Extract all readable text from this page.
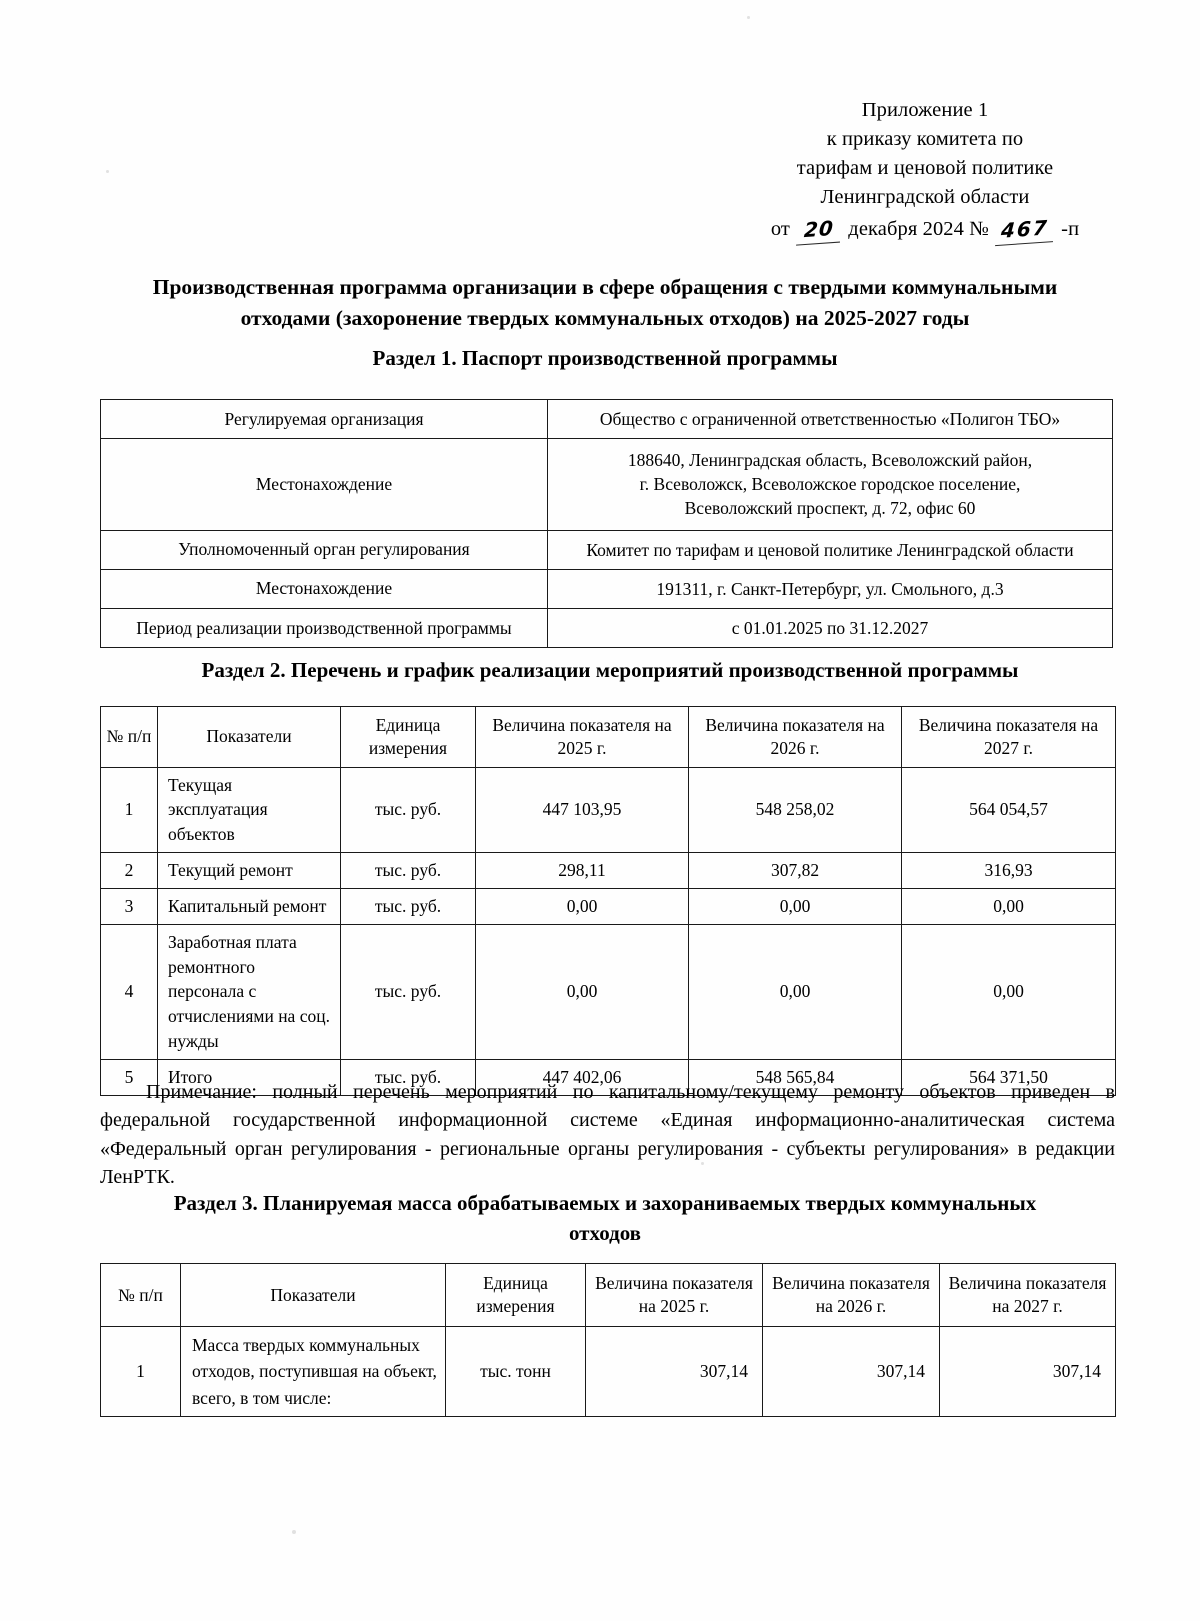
Приложение 1
к приказу комитета по
тарифам и ценовой политике
Ленинградской области
от 20 декабря 2024 № 467 -п
Производственная программа организации в сфере обращения с твердыми коммунальными
отходами (захоронение твердых коммунальных отходов) на 2025-2027 годы
Раздел 1. Паспорт производственной программы
Регулируемая организация	Общество с ограниченной ответственностью «Полигон ТБО»

Местонахождение	188640, Ленинградская область, Всеволожский район,
г. Всеволожск, Всеволожское городское поселение,
Всеволожский проспект, д. 72, офис 60

Уполномоченный орган регулирования	Комитет по тарифам и ценовой политике Ленинградской области

Местонахождение	191311, г. Санкт-Петербург, ул. Смольного, д.3

Период реализации производственной программы	с 01.01.2025 по 31.12.2027
Раздел 2. Перечень и график реализации мероприятий производственной программы
№ п/п	Показатели	Единица измерения	Величина показателя на 2025 г.	Величина показателя на 2026 г.	Величина показателя на 2027 г.
1	Текущая эксплуатация объектов	тыс. руб.	447 103,95	548 258,02	564 054,57
2	Текущий ремонт	тыс. руб.	298,11	307,82	316,93
3	Капитальный ремонт	тыс. руб.	0,00	0,00	0,00
4	Заработная плата ремонтного персонала с отчислениями на соц. нужды	тыс. руб.	0,00	0,00	0,00
5	Итого	тыс. руб.	447 402,06	548 565,84	564 371,50
Примечание: полный перечень мероприятий по капитальному/текущему ремонту объектов приведен в федеральной государственной информационной системе «Единая информационно-аналитическая система «Федеральный орган регулирования - региональные органы регулирования - субъекты регулирования» в редакции ЛенРТК.
Раздел 3. Планируемая масса обрабатываемых и захораниваемых твердых коммунальных
отходов
№ п/п	Показатели	Единица измерения	Величина показателя на 2025 г.	Величина показателя на 2026 г.	Величина показателя на 2027 г.
1	Масса твердых коммунальных отходов, поступившая на объект, всего, в том числе:	тыс. тонн	307,14	307,14	307,14
